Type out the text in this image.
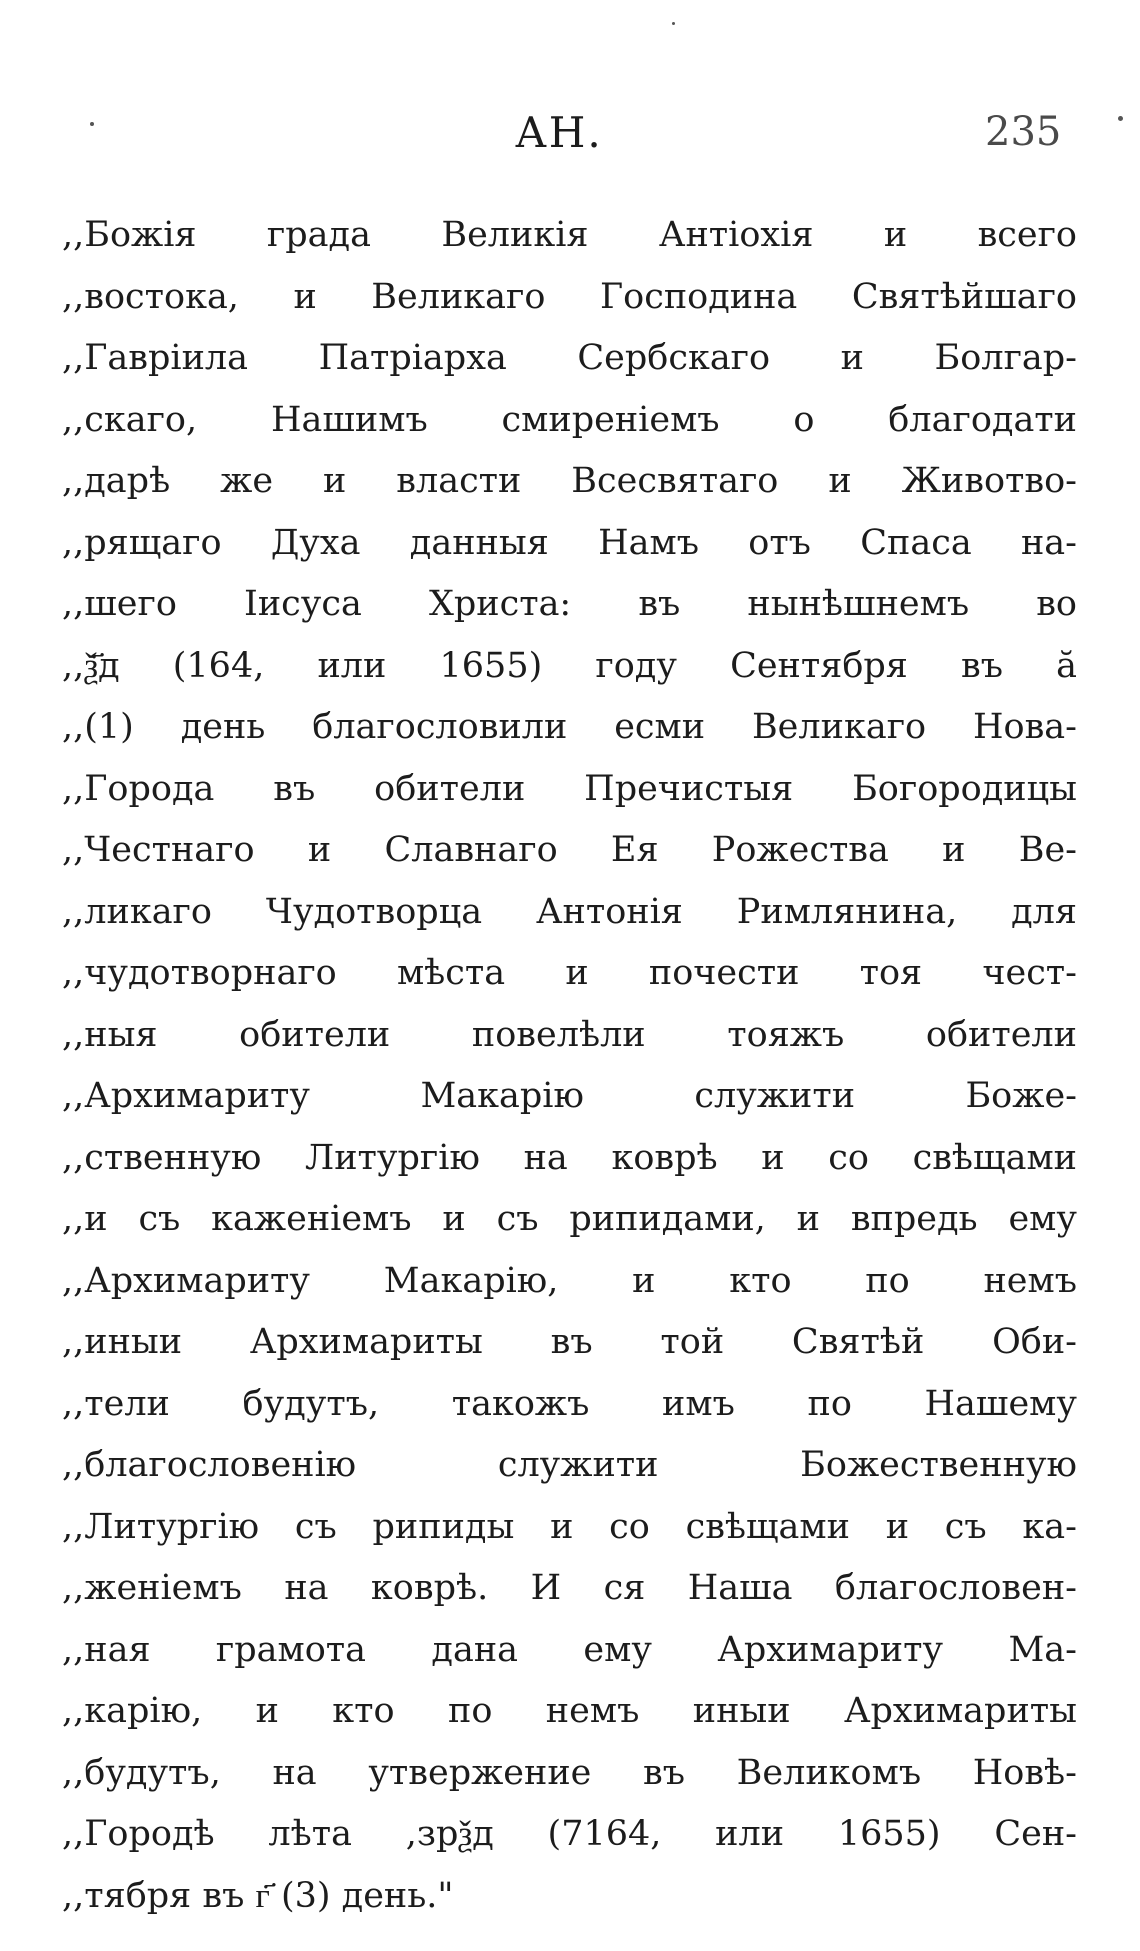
АН.	235
,,Божія града Великія Антіохія и всего
,,востока, и Великаго Господина Святѣйшаго
,,Гавріила Патріарха Сербскаго и Болгар-
,,скаго, Нашимъ смиреніемъ о благодати
,,дарѣ же и власти Всесвятаго и Животво-
,,рящаго Духа данныя Намъ отъ Спаса на-
,,шего Іисуса Христа: въ нынѣшнемъ во
,,ѯ҃д (164, или 1655) году Сентября въ ӑ
,,(1) день благословили есми Великаго Нова-
,,Города въ обители Пречистыя Богородицы
,,Честнаго и Славнаго Ея Рожества и Ве-
,,ликаго Чудотворца Антонія Римлянина, для
,,чудотворнаго мѣста и почести тоя чест-
,,ныя обители повелѣли тояжъ обители
,,Архимариту Макарію служити Боже-
,,ственную Литургію на коврѣ и со свѣщами
,,и съ каженіемъ и съ рипидами, и впредь ему
,,Архимариту Макарію, и кто по немъ
,,иныи Архимариты въ той Святѣй Оби-
,,тели будутъ, такожъ имъ по Нашему
,,благословенію служити Божественную
,,Литургію съ рипиды и со свѣщами и съ ка-
,,женіемъ на коврѣ. И ся Наша благословен-
,,ная грамота дана ему Архимариту Ма-
,,карію, и кто по немъ иныи Архимариты
,,будутъ, на утвержение въ Великомъ Новѣ-
,,Городѣ лѣта ,зрѯд (7164, или 1655) Сен-
,,тября въ г҃ (3) день."
